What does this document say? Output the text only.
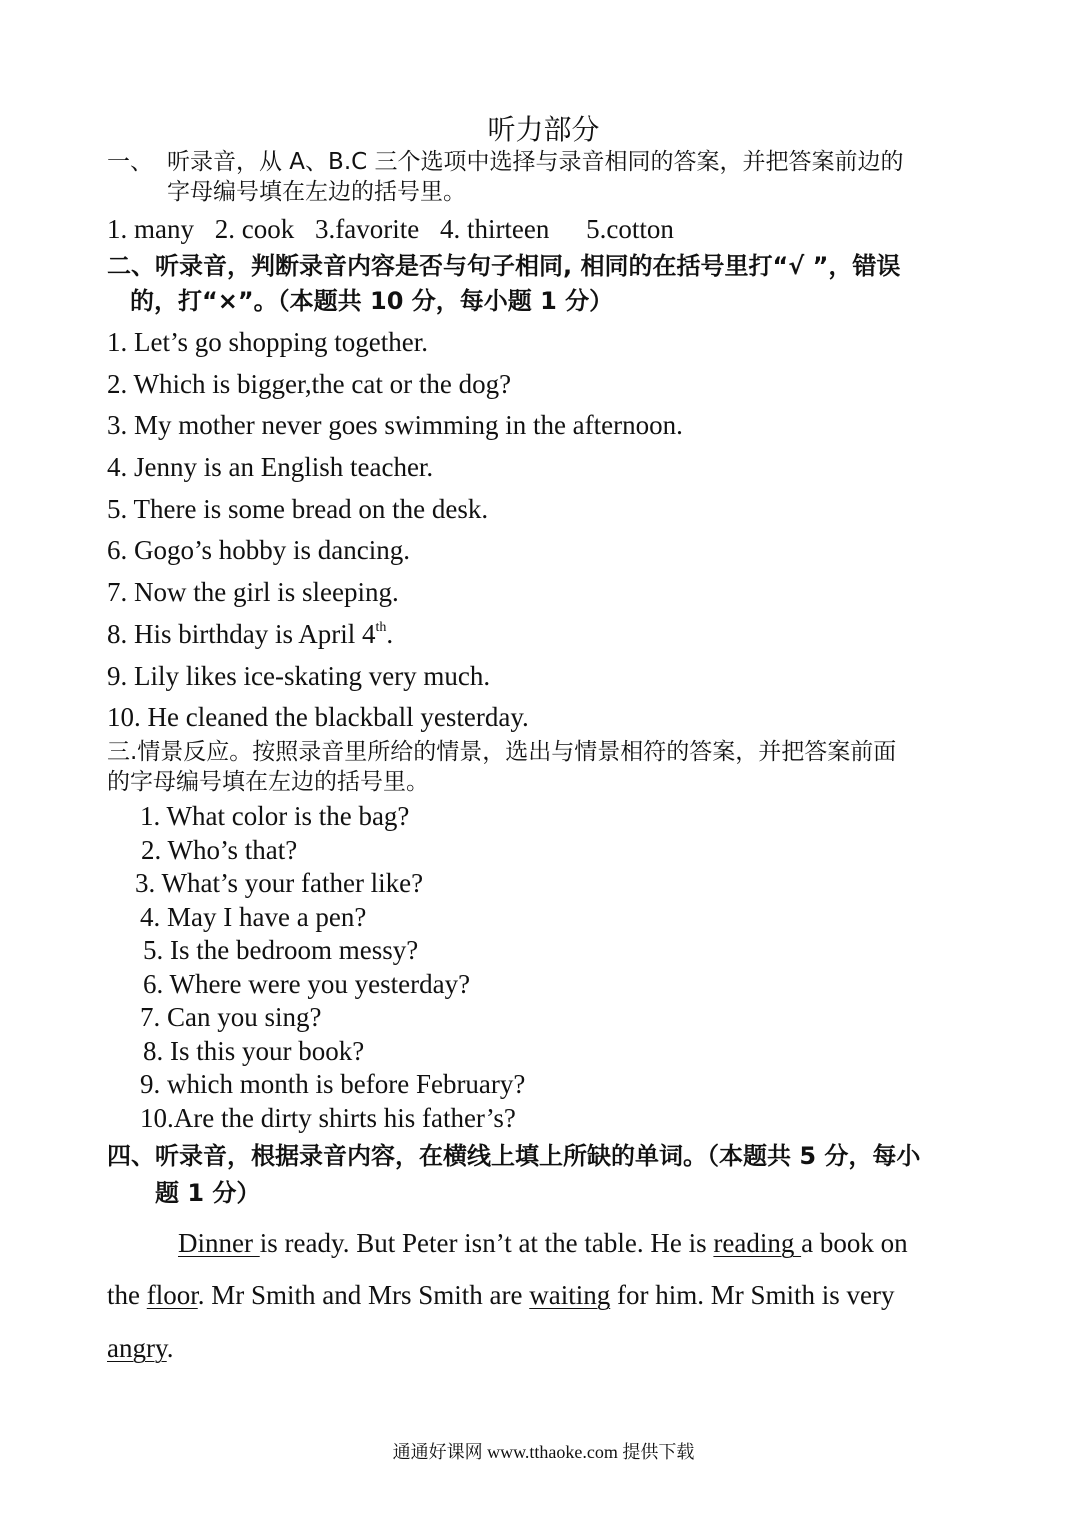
听力部分
一、 听录音，从 A、B.C 三个选项中选择与录音相同的答案，并把答案前边的
字母编号填在左边的括号里。
1. many 2. cook 3.favorite 4. thirteen 5.cotton
二、听录音，判断录音内容是否与句子相同, 相同的在括号里打“√ ”，错误
的，打“×”。（本题共 10 分，每小题 1 分）
1. Let’s go shopping together.
2. Which is bigger,the cat or the dog?
3. My mother never goes swimming in the afternoon.
4. Jenny is an English teacher.
5. There is some bread on the desk.
6. Gogo’s hobby is dancing.
7. Now the girl is sleeping.
8. His birthday is April 4th.
9. Lily likes ice-skating very much.
10. He cleaned the blackball yesterday.
三.情景反应。按照录音里所给的情景，选出与情景相符的答案，并把答案前面
的字母编号填在左边的括号里。
1. What color is the bag?
2. Who’s that?
3. What’s your father like?
4. May I have a pen?
5. Is the bedroom messy?
6. Where were you yesterday?
7. Can you sing?
8. Is this your book?
9. which month is before February?
10.Are the dirty shirts his father’s?
四、听录音，根据录音内容，在横线上填上所缺的单词。（本题共 5 分，每小
题 1 分）
Dinner is ready. But Peter isn’t at the table. He is reading a book on
the floor. Mr Smith and Mrs Smith are waiting for him. Mr Smith is very
angry.
通通好课网 www.tthaoke.com 提供下载
